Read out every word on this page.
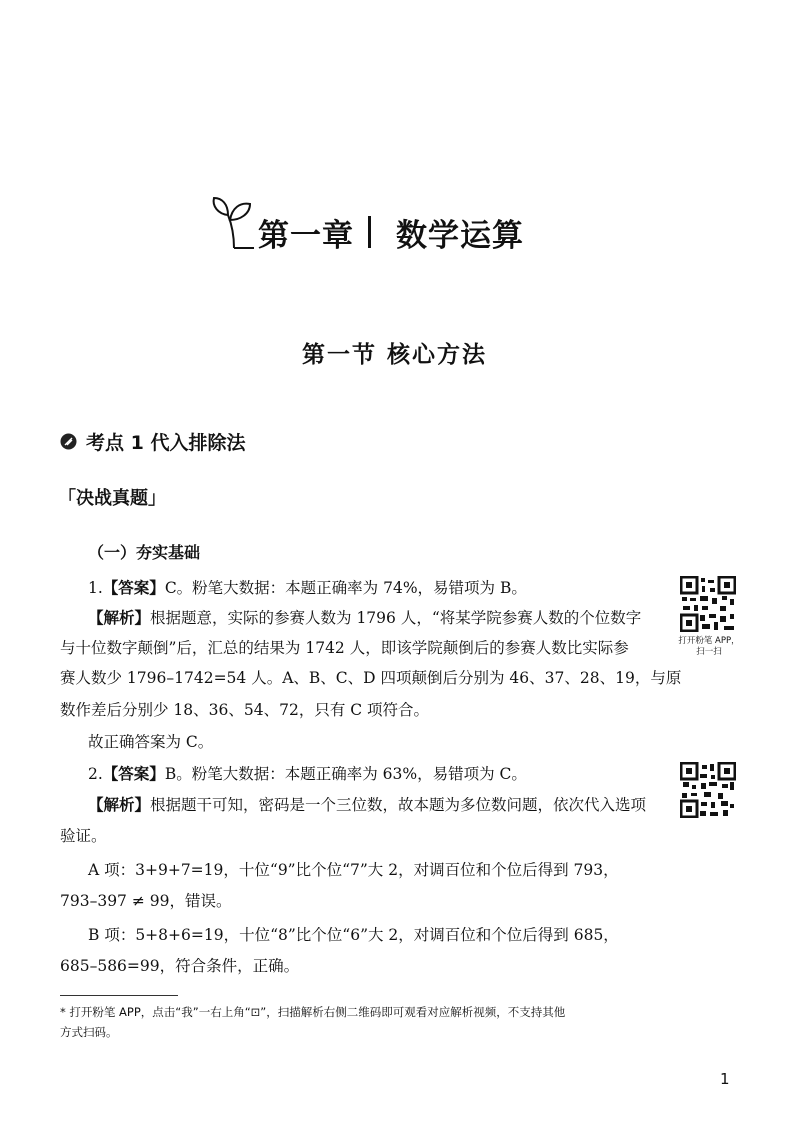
第一章 数学运算
第一节 核心方法
考点 1 代入排除法
「决战真题」
（一）夯实基础
1.【答案】C。粉笔大数据：本题正确率为 74%，易错项为 B。
【解析】根据题意，实际的参赛人数为 1796 人，“将某学院参赛人数的个位数字
与十位数字颠倒”后，汇总的结果为 1742 人，即该学院颠倒后的参赛人数比实际参
赛人数少 1796–1742=54 人。A、B、C、D 四项颠倒后分别为 46、37、28、19，与原
数作差后分别少 18、36、54、72，只有 C 项符合。
故正确答案为 C。
打开粉笔 APP，
扫一扫
2.【答案】B。粉笔大数据：本题正确率为 63%，易错项为 C。
【解析】根据题干可知，密码是一个三位数，故本题为多位数问题，依次代入选项
验证。
A 项：3+9+7=19，十位“9”比个位“7”大 2，对调百位和个位后得到 793，
793–397 ≠ 99，错误。
B 项：5+8+6=19，十位“8”比个位“6”大 2，对调百位和个位后得到 685，
685–586=99，符合条件，正确。
* 打开粉笔 APP，点击“我”一右上角“⊡”，扫描解析右侧二维码即可观看对应解析视频，不支持其他
方式扫码。
1
